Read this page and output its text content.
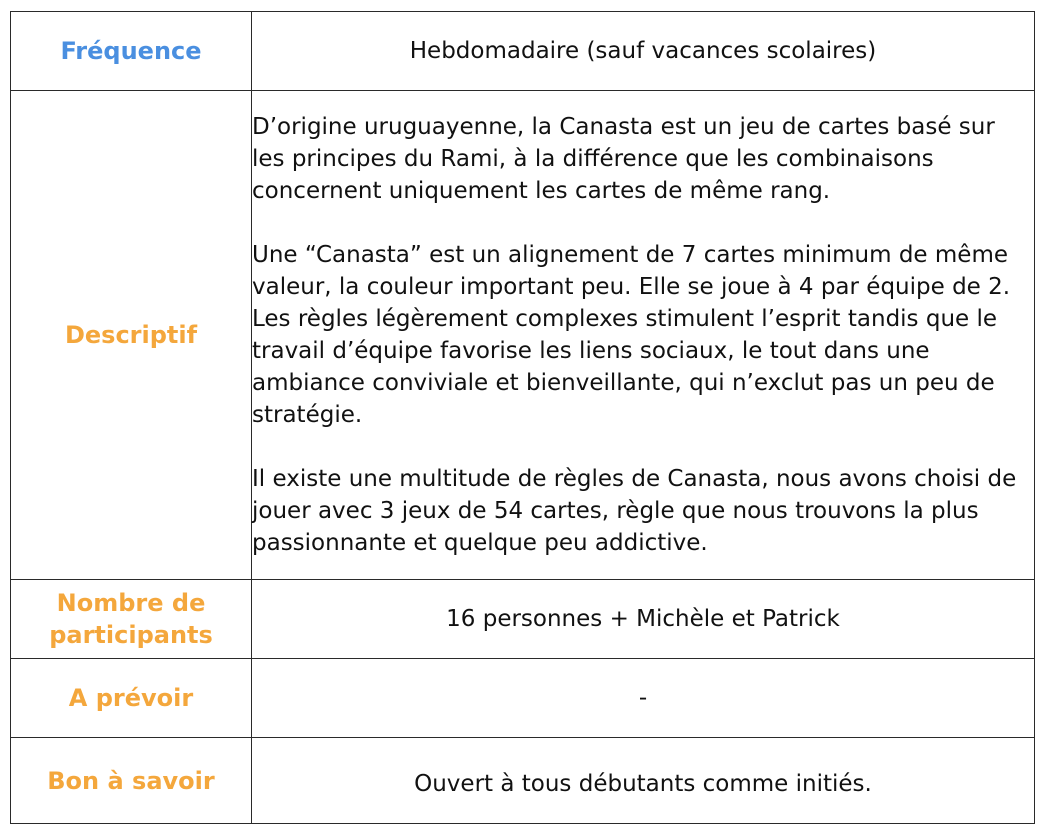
Fréquence	Hebdomadaire (sauf vacances scolaires)
Descriptif	D’origine uruguayenne, la Canasta est un jeu de cartes basé sur les principes du Rami, à la différence que les combinaisons concernent uniquement les cartes de même rang.

Une “Canasta” est un alignement de 7 cartes minimum de même valeur, la couleur important peu. Elle se joue à 4 par équipe de 2. Les règles légèrement complexes stimulent l’esprit tandis que le travail d’équipe favorise les liens sociaux, le tout dans une ambiance conviviale et bienveillante, qui n’exclut pas un peu de stratégie.

Il existe une multitude de règles de Canasta, nous avons choisi de jouer avec 3 jeux de 54 cartes, règle que nous trouvons la plus passionnante et quelque peu addictive.

Nombre de participants	16 personnes + Michèle et Patrick
A prévoir	-
Bon à savoir	Ouvert à tous débutants comme initiés.
